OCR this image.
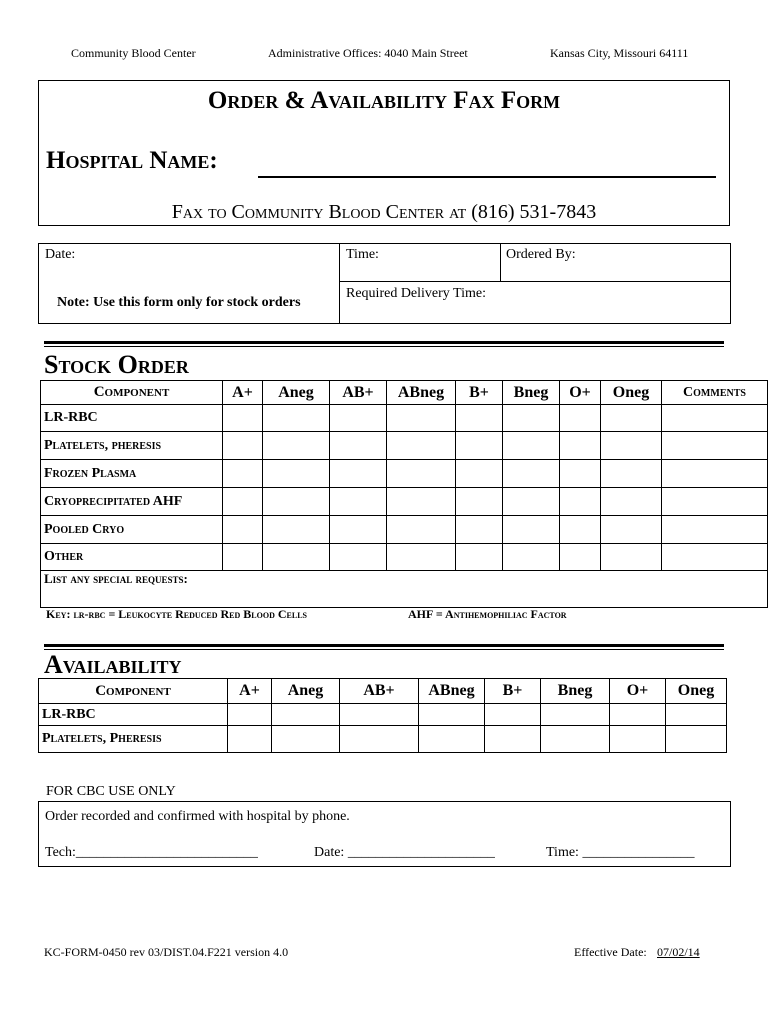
Community Blood Center	Administrative Offices: 4040 Main Street	Kansas City, Missouri 64111
Order & Availability Fax Form
Hospital Name:
Fax to Community Blood Center at (816) 531-7843
Date:	Time:	Ordered By:
Note: Use this form only for stock orders
Required Delivery Time:
Stock Order
Component	A+	Aneg	AB+	ABneg	B+	Bneg	O+	Oneg	Comments
LR-RBC									
Platelets, pheresis									
Frozen Plasma									
Cryoprecipitated AHF									
Pooled Cryo									
Other									
List any special requests:									
Key: lr-rbc = Leukocyte Reduced Red Blood Cells	AHF = Antihemophiliac Factor
Availability
Component	A+	Aneg	AB+	ABneg	B+	Bneg	O+	Oneg
LR-RBC								
Platelets, Pheresis								
FOR CBC USE ONLY
Order recorded and confirmed with hospital by phone.
Tech:__________________________	Date: _____________________	Time: ________________
KC-FORM-0450 rev 03/DIST.04.F221 version 4.0	Effective Date: 07/02/14
